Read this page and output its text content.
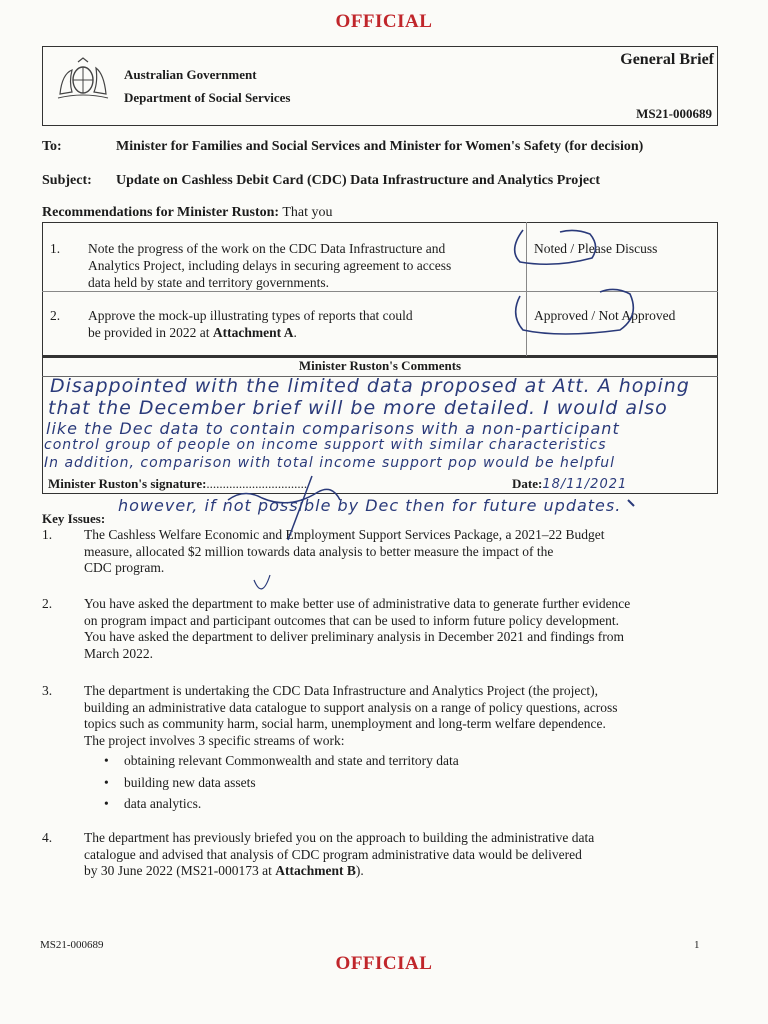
OFFICIAL
Australian Government
Department of Social Services
General Brief
MS21-000689
To:	Minister for Families and Social Services and Minister for Women's Safety (for decision)
Subject: Update on Cashless Debit Card (CDC) Data Infrastructure and Analytics Project
Recommendations for Minister Ruston: That you
1. Note the progress of the work on the CDC Data Infrastructure and
Analytics Project, including delays in securing agreement to access
data held by state and territory governments.
Noted / Please Discuss
2. Approve the mock-up illustrating types of reports that could
be provided in 2022 at Attachment A.
Approved / Not Approved
Minister Ruston's Comments
Disappointed with the limited data proposed at Att. A hoping
that the December brief will be more detailed. I would also
like the Dec data to contain comparisons with a non-participant
control group of people on income support with similar characteristics
In addition, comparison with total income support pop would be helpful
Minister Ruston's signature:...............................	Date:18/11/2021
however, if not possible by Dec then for future updates.
Key Issues:
1. The Cashless Welfare Economic and Employment Support Services Package, a 2021–22 Budget
measure, allocated $2 million towards data analysis to better measure the impact of the
CDC program.
2. You have asked the department to make better use of administrative data to generate further evidence
on program impact and participant outcomes that can be used to inform future policy development.
You have asked the department to deliver preliminary analysis in December 2021 and findings from
March 2022.
3. The department is undertaking the CDC Data Infrastructure and Analytics Project (the project),
building an administrative data catalogue to support analysis on a range of policy questions, across
topics such as community harm, social harm, unemployment and long-term welfare dependence.
The project involves 3 specific streams of work:
• obtaining relevant Commonwealth and state and territory data
• building new data assets
• data analytics.
4. The department has previously briefed you on the approach to building the administrative data
catalogue and advised that analysis of CDC program administrative data would be delivered
by 30 June 2022 (MS21-000173 at Attachment B).
MS21-000689	1
OFFICIAL
